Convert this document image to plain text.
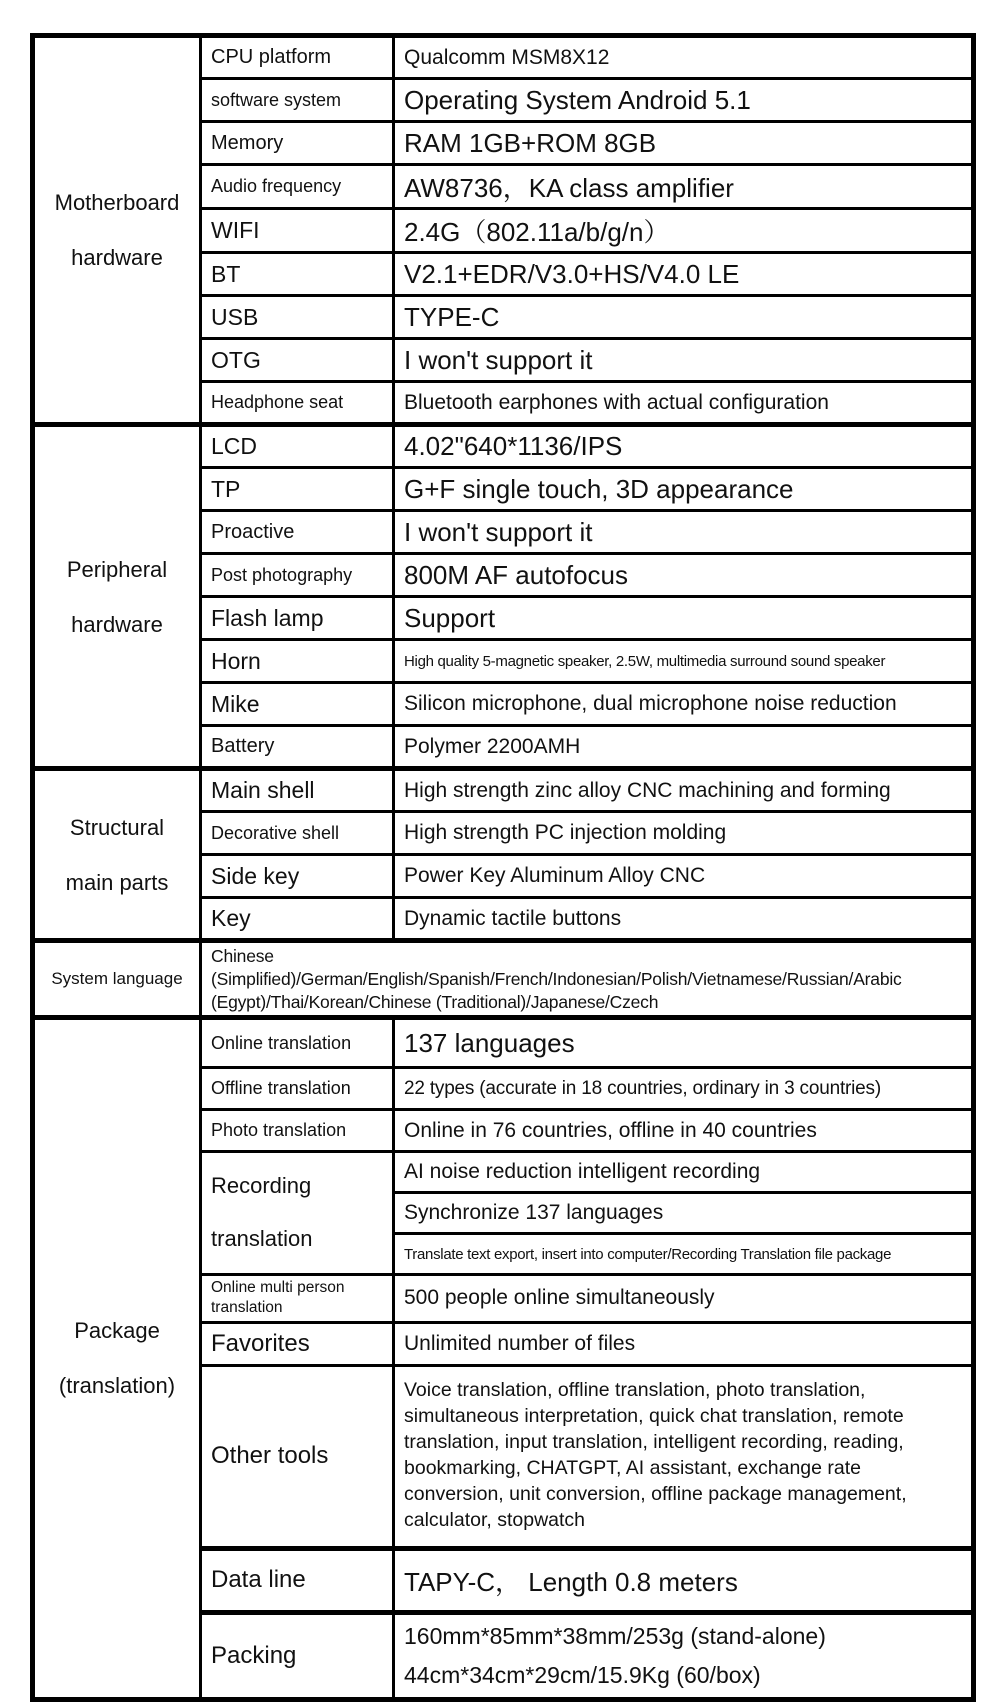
Motherboard hardware	CPU platform	Qualcomm MSM8X12
	software system	Operating System Android 5.1
	Memory	RAM 1GB+ROM 8GB
	Audio frequency	AW8736，KA class amplifier
	WIFI	2.4G（802.11a/b/g/n）
	BT	V2.1+EDR/V3.0+HS/V4.0 LE
	USB	TYPE-C
	OTG	I won't support it
	Headphone seat	Bluetooth earphones with actual configuration

Peripheral hardware	LCD	4.02"640*1136/IPS
	TP	G+F single touch, 3D appearance
	Proactive	I won't support it
	Post photography	800M AF autofocus
	Flash lamp	Support
	Horn	High quality 5-magnetic speaker, 2.5W, multimedia surround sound speaker
	Mike	Silicon microphone, dual microphone noise reduction
	Battery	Polymer 2200AMH

Structural main parts	Main shell	High strength zinc alloy CNC machining and forming
	Decorative shell	High strength PC injection molding
	Side key	Power Key Aluminum Alloy CNC
	Key	Dynamic tactile buttons
System language	Chinese (Simplified)/German/English/Spanish/French/Indonesian/Polish/Vietnamese/Russian/Arabic (Egypt)/Thai/Korean/Chinese (Traditional)/Japanese/Czech	

Package (translation)	Online translation	137 languages
	Offline translation	22 types (accurate in 18 countries, ordinary in 3 countries)
	Photo translation	Online in 76 countries, offline in 40 countries
	Recording translation	AI noise reduction intelligent recording
		Synchronize 137 languages
		Translate text export, insert into computer/Recording Translation file package

	Online multi person translation	500 people online simultaneously
	Favorites	Unlimited number of files
	Other tools	Voice translation, offline translation, photo translation, simultaneous interpretation, quick chat translation, remote translation, input translation, intelligent recording, reading, bookmarking, CHATGPT, AI assistant, exchange rate conversion, unit conversion, offline package management, calculator, stopwatch
	Data line	TAPY-C， Length 0.8 meters
	Packing	160mm*85mm*38mm/253g (stand-alone)
44cm*34cm*29cm/15.9Kg (60/box)
